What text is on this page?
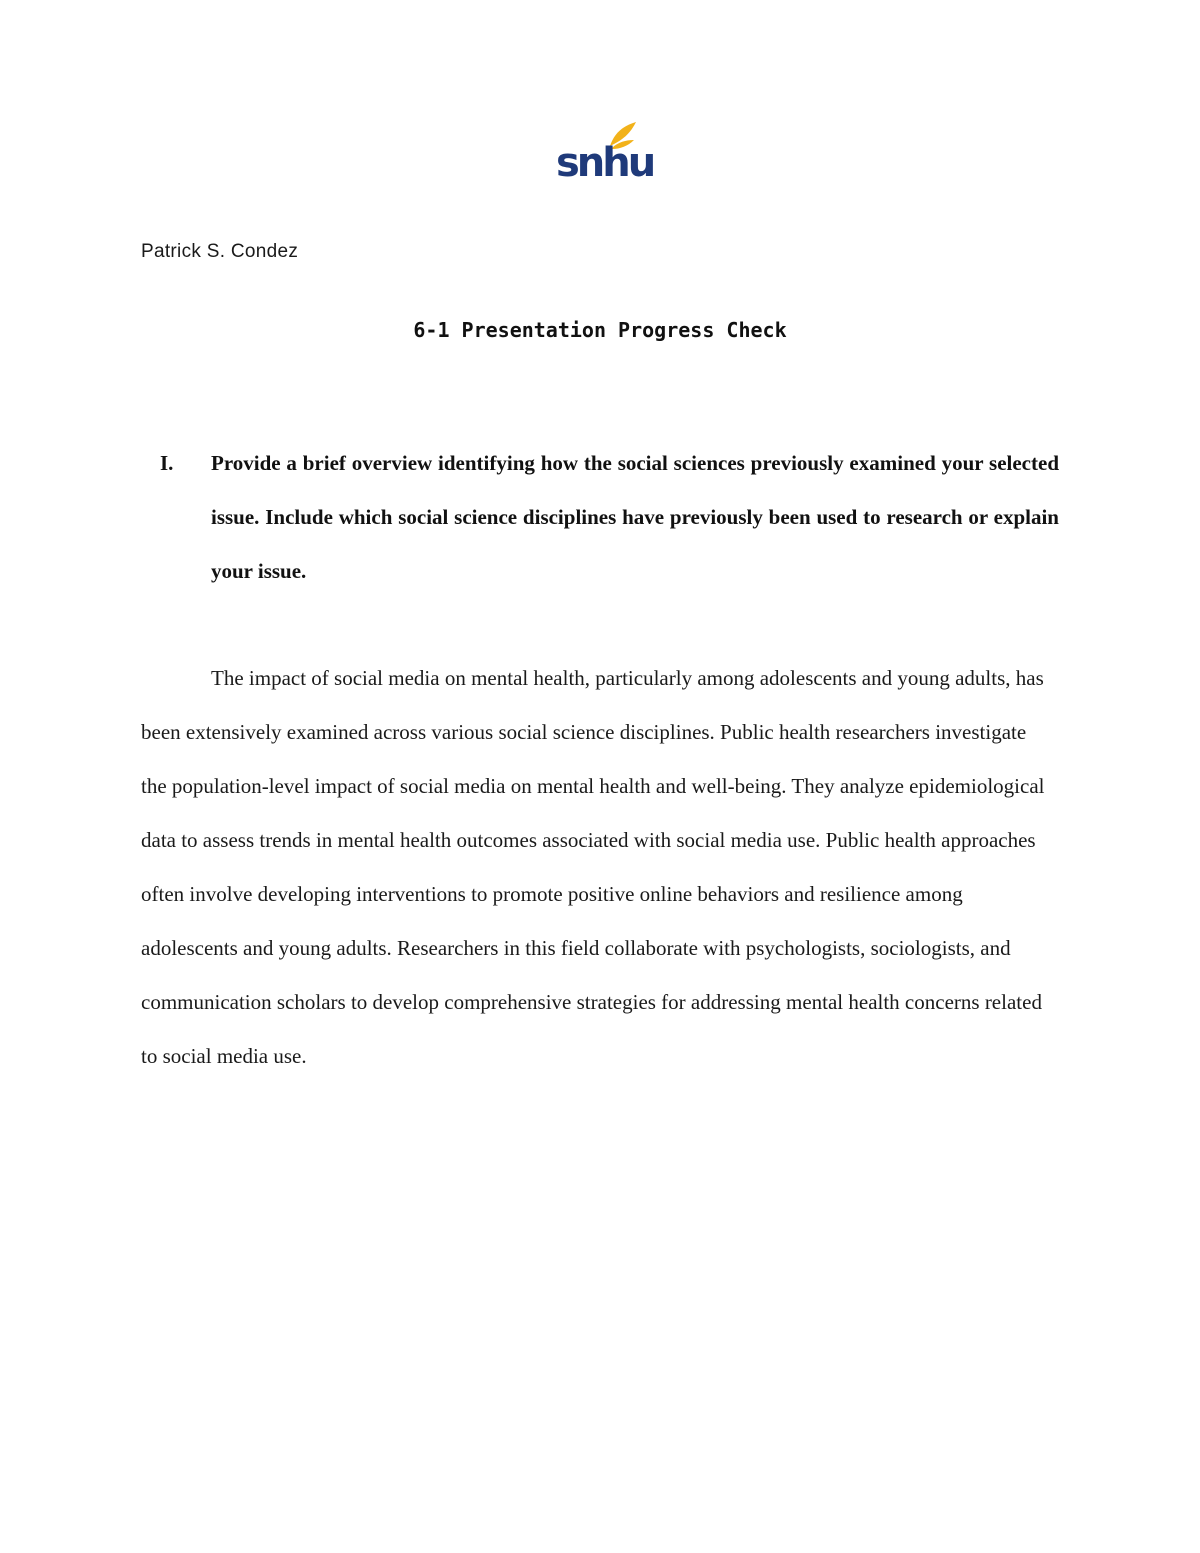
snhu
Patrick S. Condez
6-1 Presentation Progress Check
I. Provide a brief overview identifying how the social sciences previously examined your selected issue. Include which social science disciplines have previously been used to research or explain your issue.

The impact of social media on mental health, particularly among adolescents and young adults, has been extensively examined across various social science disciplines. Public health researchers investigate the population-level impact of social media on mental health and well-being. They analyze epidemiological data to assess trends in mental health outcomes associated with social media use. Public health approaches often involve developing interventions to promote positive online behaviors and resilience among adolescents and young adults. Researchers in this field collaborate with psychologists, sociologists, and communication scholars to develop comprehensive strategies for addressing mental health concerns related to social media use.
